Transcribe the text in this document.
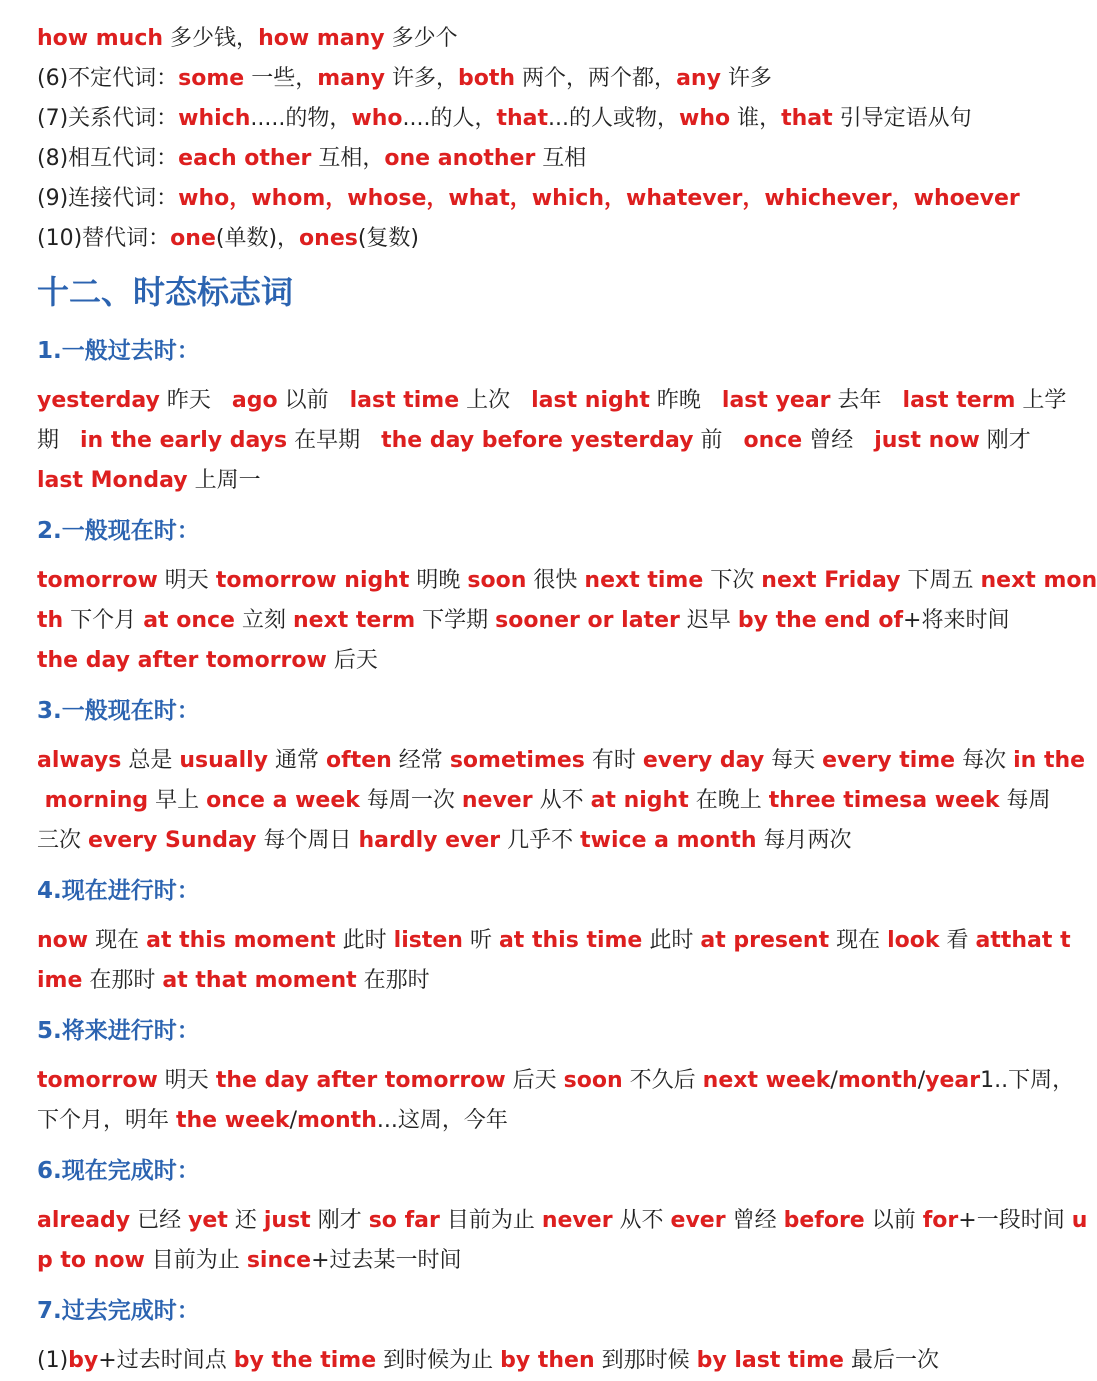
how much 多少钱，how many 多少个
(6)不定代词：some 一些，many 许多，both 两个，两个都，any 许多
(7)关系代词：which.....的物，who....的人，that...的人或物，who 谁，that 引导定语从句
(8)相互代词：each other 互相，one another 互相
(9)连接代词：who，whom，whose，what，which，whatever，whichever，whoever
(10)替代词：one(单数)，ones(复数)
十二、时态标志词
1.一般过去时：
yesterday 昨天   ago 以前   last time 上次   last night 昨晚   last year 去年   last term 上学
期   in the early days 在早期   the day before yesterday 前   once 曾经   just now 刚才
last Monday 上周一
2.一般现在时：
tomorrow 明天 tomorrow night 明晚 soon 很快 next time 下次 next Friday 下周五 next mon
th 下个月 at once 立刻 next term 下学期 sooner or later 迟早 by the end of+将来时间
the day after tomorrow 后天
3.一般现在时：
always 总是 usually 通常 often 经常 sometimes 有时 every day 每天 every time 每次 in the
morning 早上 once a week 每周一次 never 从不 at night 在晚上 three timesa week 每周
三次 every Sunday 每个周日 hardly ever 几乎不 twice a month 每月两次
4.现在进行时：
now 现在 at this moment 此时 listen 听 at this time 此时 at present 现在 look 看 atthat t
ime 在那时 at that moment 在那时
5.将来进行时：
tomorrow 明天 the day after tomorrow 后天 soon 不久后 next week/month/year1..下周，
下个月，明年 the week/month...这周，今年
6.现在完成时：
already 已经 yet 还 just 刚才 so far 目前为止 never 从不 ever 曾经 before 以前 for+一段时间 u
p to now 目前为止 since+过去某一时间
7.过去完成时：
(1)by+过去时间点 by the time 到时候为止 by then 到那时候 by last time 最后一次
